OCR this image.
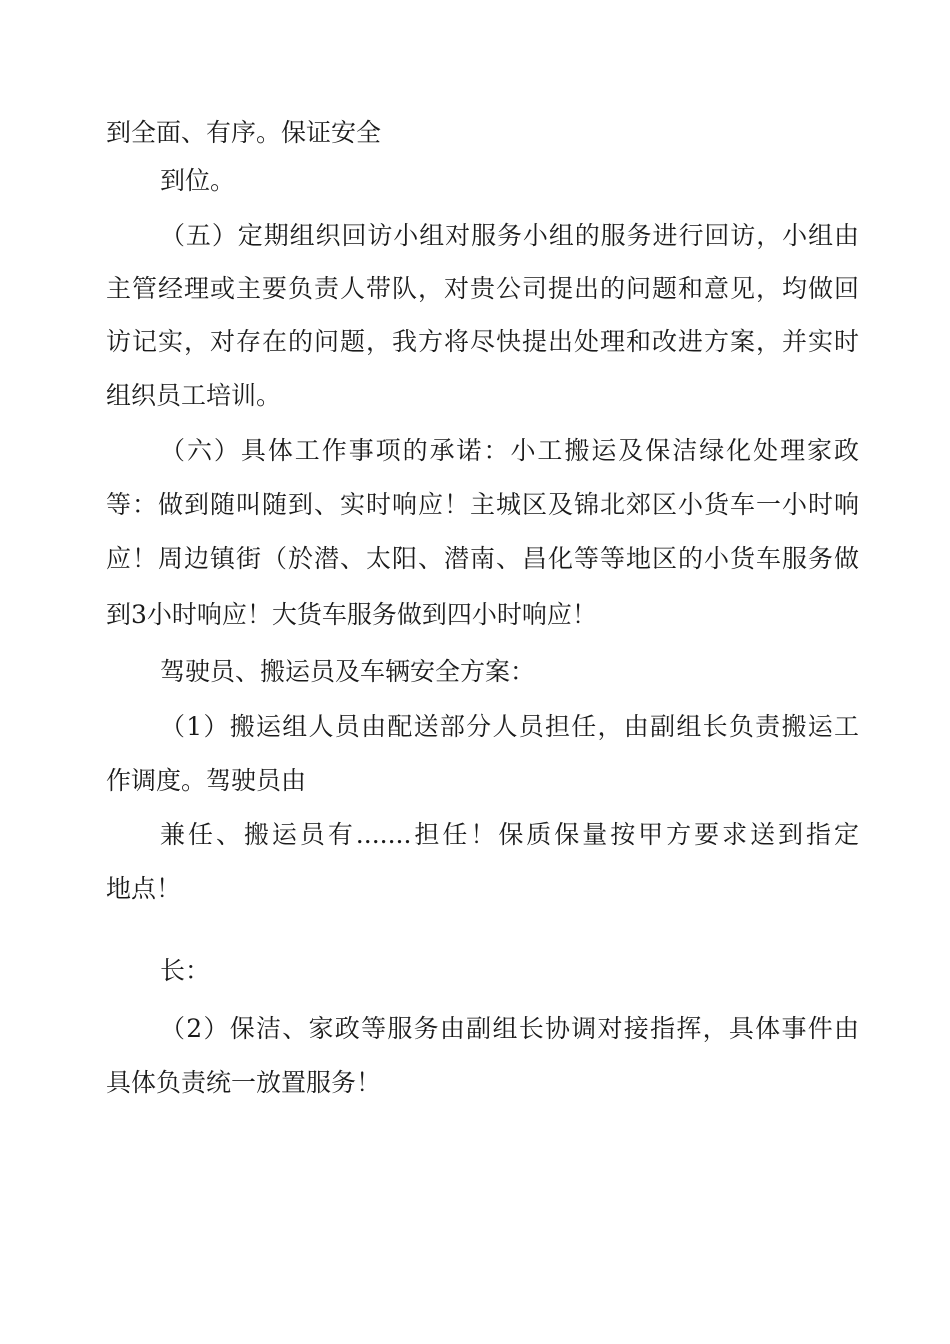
到全面、有序。保证安全
到位。
（五）定期组织回访小组对服务小组的服务进行回访，小组由
主管经理或主要负责人带队，对贵公司提出的问题和意见，均做回
访记实，对存在的问题，我方将尽快提出处理和改进方案，并实时
组织员工培训。
（六）具体工作事项的承诺：小工搬运及保洁绿化处理家政
等：做到随叫随到、实时响应！主城区及锦北郊区小货车一小时响
应！周边镇街（於潜、太阳、潜南、昌化等等地区的小货车服务做
到3小时响应！大货车服务做到四小时响应！
驾驶员、搬运员及车辆安全方案：
（1）搬运组人员由配送部分人员担任，由副组长负责搬运工
作调度。驾驶员由
兼任、搬运员有.......担任！保质保量按甲方要求送到指定
地点！
长：
（2）保洁、家政等服务由副组长协调对接指挥，具体事件由
具体负责统一放置服务！
